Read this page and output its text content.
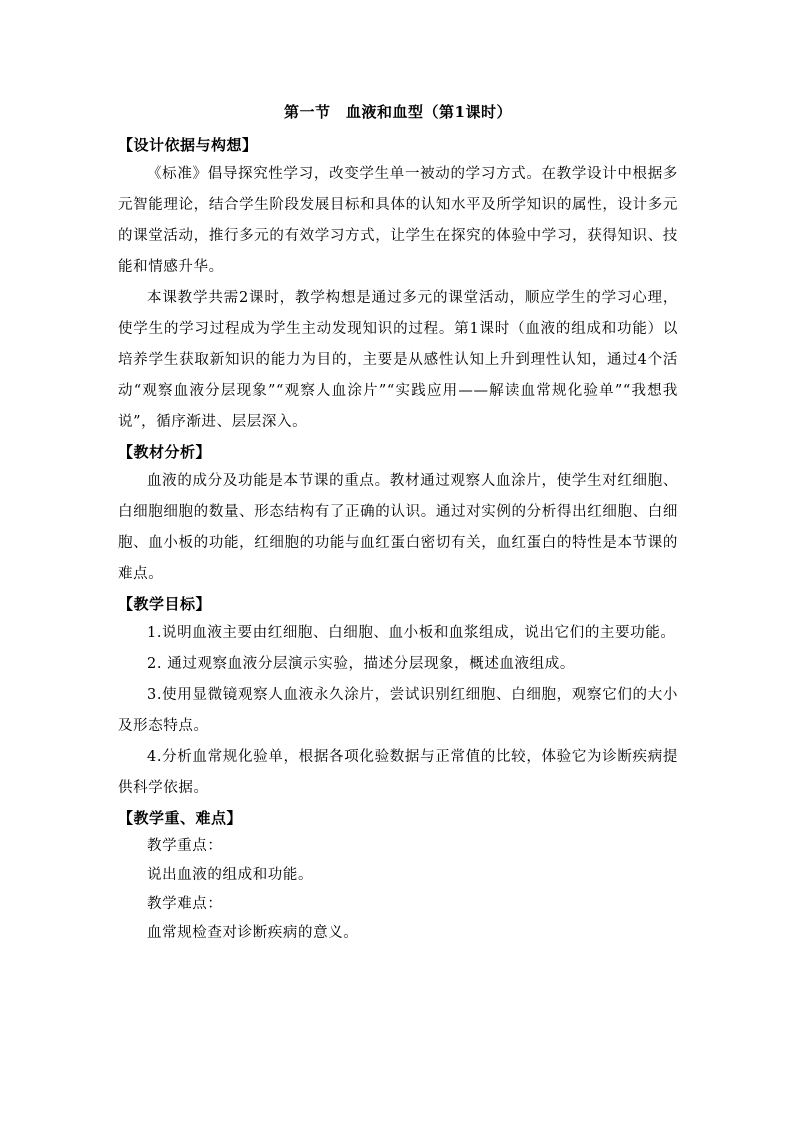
第一节　血液和血型（第1课时）
【设计依据与构想】

《标准》倡导探究性学习，改变学生单一被动的学习方式。在教学设计中根据多元智能理论，结合学生阶段发展目标和具体的认知水平及所学知识的属性，设计多元的课堂活动，推行多元的有效学习方式，让学生在探究的体验中学习，获得知识、技能和情感升华。

本课教学共需2课时，教学构想是通过多元的课堂活动，顺应学生的学习心理，使学生的学习过程成为学生主动发现知识的过程。第1课时（血液的组成和功能）以培养学生获取新知识的能力为目的，主要是从感性认知上升到理性认知，通过4个活动“观察血液分层现象”“观察人血涂片”“实践应用——解读血常规化验单”“我想我说”，循序渐进、层层深入。

【教材分析】

血液的成分及功能是本节课的重点。教材通过观察人血涂片，使学生对红细胞、白细胞细胞的数量、形态结构有了正确的认识。通过对实例的分析得出红细胞、白细胞、血小板的功能，红细胞的功能与血红蛋白密切有关，血红蛋白的特性是本节课的难点。

【教学目标】

1.说明血液主要由红细胞、白细胞、血小板和血浆组成，说出它们的主要功能。

2. 通过观察血液分层演示实验，描述分层现象，概述血液组成。

3.使用显微镜观察人血液永久涂片，尝试识别红细胞、白细胞，观察它们的大小及形态特点。

4.分析血常规化验单，根据各项化验数据与正常值的比较，体验它为诊断疾病提供科学依据。

【教学重、难点】

教学重点：

说出血液的组成和功能。

教学难点：

血常规检查对诊断疾病的意义。
